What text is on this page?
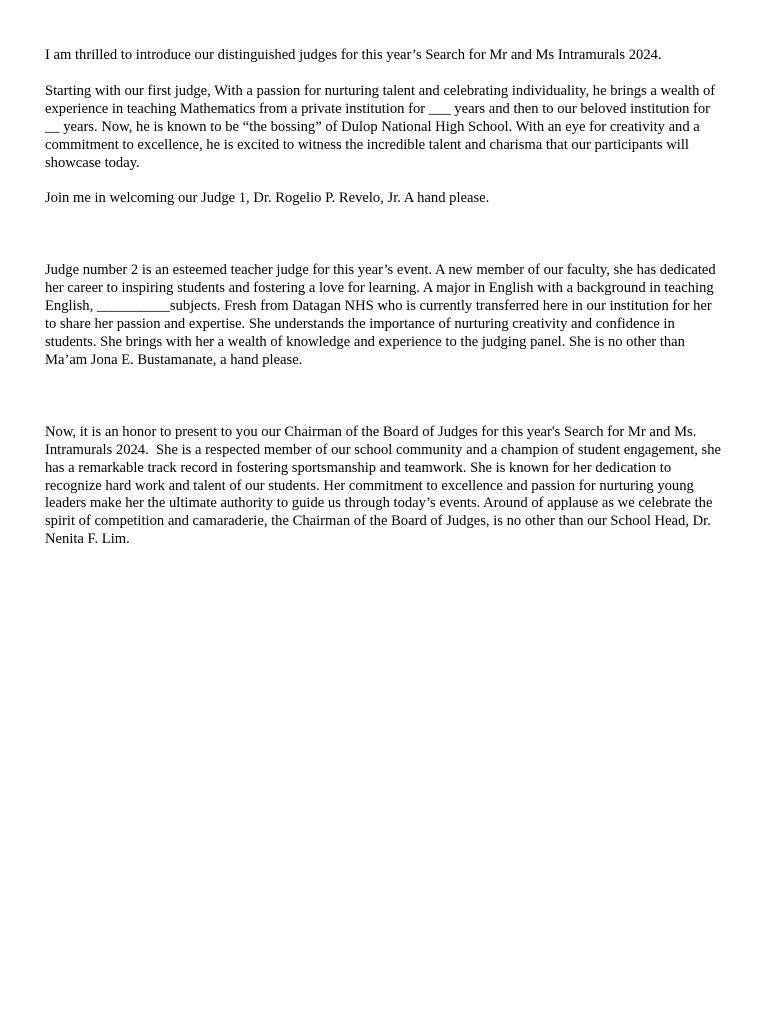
I am thrilled to introduce our distinguished judges for this year’s Search for Mr and Ms Intramurals 2024.

Starting with our first judge, With a passion for nurturing talent and celebrating individuality, he brings a wealth of experience in teaching Mathematics from a private institution for ___ years and then to our beloved institution for __ years. Now, he is known to be “the bossing” of Dulop National High School. With an eye for creativity and a commitment to excellence, he is excited to witness the incredible talent and charisma that our participants will showcase today.

Join me in welcoming our Judge 1, Dr. Rogelio P. Revelo, Jr. A hand please.

Judge number 2 is an esteemed teacher judge for this year’s event. A new member of our faculty, she has dedicated her career to inspiring students and fostering a love for learning. A major in English with a background in teaching English, __________subjects. Fresh from Datagan NHS who is currently transferred here in our institution for her to share her passion and expertise. She understands the importance of nurturing creativity and confidence in students. She brings with her a wealth of knowledge and experience to the judging panel. She is no other than Ma’am Jona E. Bustamanate, a hand please.

Now, it is an honor to present to you our Chairman of the Board of Judges for this year's Search for Mr and Ms. Intramurals 2024.  She is a respected member of our school community and a champion of student engagement, she has a remarkable track record in fostering sportsmanship and teamwork. She is known for her dedication to recognize hard work and talent of our students. Her commitment to excellence and passion for nurturing young leaders make her the ultimate authority to guide us through today’s events. Around of applause as we celebrate the spirit of competition and camaraderie, the Chairman of the Board of Judges, is no other than our School Head, Dr. Nenita F. Lim.
